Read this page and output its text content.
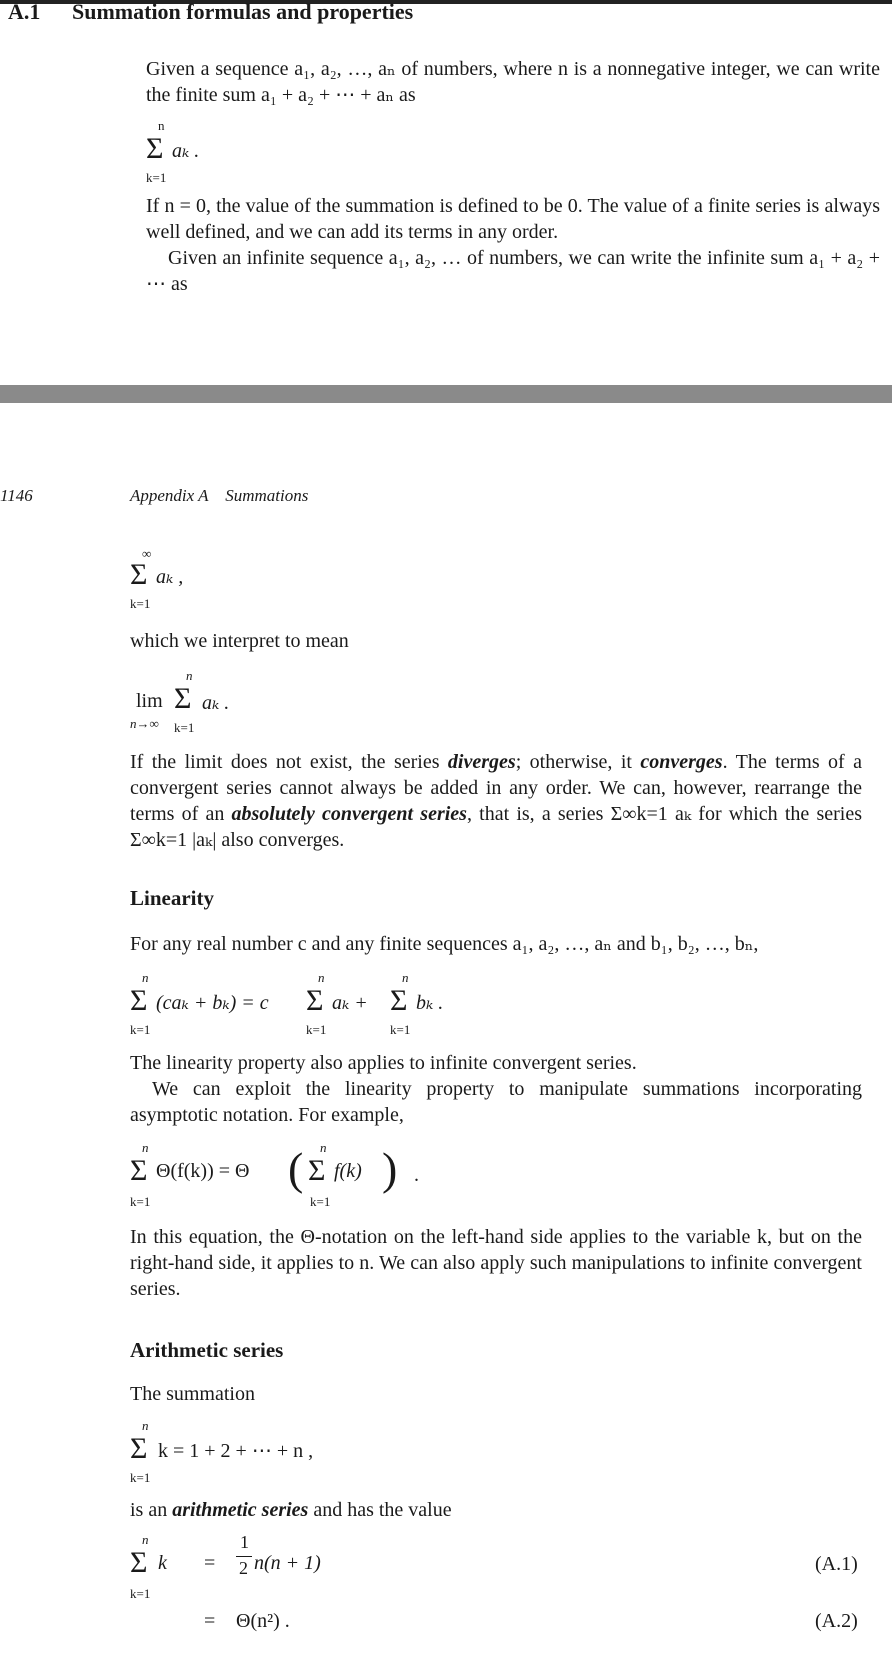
A.1 Summation formulas and properties

Given a sequence a₁, a₂, …, aₙ of numbers, where n is a nonnegative integer, we can write the finite sum a₁ + a₂ + ⋯ + aₙ as

n
Σ aₖ .
k=1

If n = 0, the value of the summation is defined to be 0. The value of a finite series is always well defined, and we can add its terms in any order.

Given an infinite sequence a₁, a₂, … of numbers, we can write the infinite sum a₁ + a₂ + ⋯ as

1146	Appendix A    Summations
∞
Σ aₖ ,
k=1

which we interpret to mean

lim
n→∞
n
Σ aₖ .
k=1

If the limit does not exist, the series diverges; otherwise, it converges. The terms of a convergent series cannot always be added in any order. We can, however, rearrange the terms of an absolutely convergent series, that is, a series Σ∞k=1 aₖ for which the series Σ∞k=1 |aₖ| also converges.

Linearity

For any real number c and any finite sequences a₁, a₂, …, aₙ and b₁, b₂, …, bₙ,

n
Σ (caₖ + bₖ) = c
k=1
n
Σ aₖ +
k=1
n
Σ bₖ .
k=1

The linearity property also applies to infinite convergent series.

We can exploit the linearity property to manipulate summations incorporating asymptotic notation. For example,

n
Σ Θ(f(k)) = Θ
k=1
( n
Σ f(k)
k=1
) .

In this equation, the Θ-notation on the left-hand side applies to the variable k, but on the right-hand side, it applies to n. We can also apply such manipulations to infinite convergent series.

Arithmetic series

The summation

n
Σ k = 1 + 2 + ⋯ + n ,
k=1

is an arithmetic series and has the value

n
Σ k
k=1
=
1
2 n(n + 1)	(A.1)
= Θ(n²) .	(A.2)
